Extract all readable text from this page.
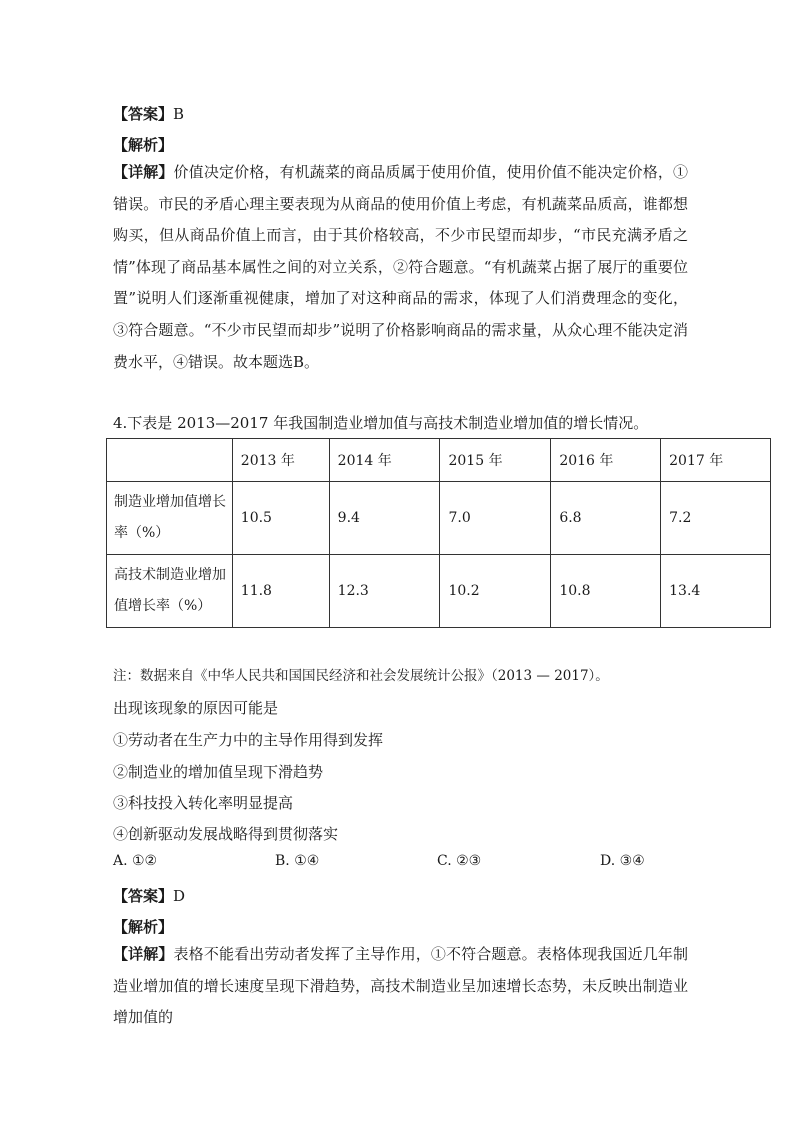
【答案】B
【解析】
【详解】价值决定价格，有机蔬菜的商品质属于使用价值，使用价值不能决定价格，①错误。市民的矛盾心理主要表现为从商品的使用价值上考虑，有机蔬菜品质高，谁都想购买，但从商品价值上而言，由于其价格较高，不少市民望而却步，“市民充满矛盾之情”体现了商品基本属性之间的对立关系，②符合题意。“有机蔬菜占据了展厅的重要位置”说明人们逐渐重视健康，增加了对这种商品的需求，体现了人们消费理念的变化，③符合题意。“不少市民望而却步”说明了价格影响商品的需求量，从众心理不能决定消费水平，④错误。故本题选B。
4.下表是 2013—2017 年我国制造业增加值与高技术制造业增加值的增长情况。
	2013 年	2014 年	2015 年	2016 年	2017 年
制造业增加值增长率（%）	10.5	9.4	7.0	6.8	7.2
高技术制造业增加值增长率（%）	11.8	12.3	10.2	10.8	13.4
注：数据来自《中华人民共和国国民经济和社会发展统计公报》（2013 — 2017）。
出现该现象的原因可能是
①劳动者在生产力中的主导作用得到发挥
②制造业的增加值呈现下滑趋势
③科技投入转化率明显提高
④创新驱动发展战略得到贯彻落实
A. ①②	B. ①④	C. ②③	D. ③④
【答案】D
【解析】
【详解】表格不能看出劳动者发挥了主导作用，①不符合题意。表格体现我国近几年制造业增加值的增长速度呈现下滑趋势，高技术制造业呈加速增长态势，未反映出制造业增加值的
